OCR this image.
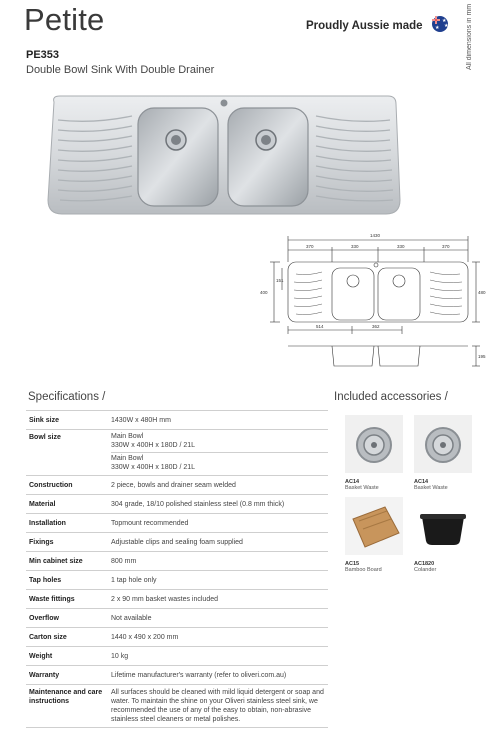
Petite
PE353
Double Bowl Sink With Double Drainer
Proudly Aussie made	★
★
★	All dimensions in mm
1430
370	330	330	370
400
151
480
514	362
195
Specifications /	Included accessories /
Sink size	1430W x 480H mm
Bowl size	Main Bowl
330W x 400H x 180D / 21L
Main Bowl
330W x 400H x 180D / 21L

Construction	2 piece, bowls and drainer seam welded
Material	304 grade, 18/10 polished stainless steel (0.8 mm thick)
Installation	Topmount recommended
Fixings	Adjustable clips and sealing foam supplied
Min cabinet size	800 mm
Tap holes	1 tap hole only
Waste fittings	2 x 90 mm basket wastes included
Overflow	Not available
Carton size	1440 x 490 x 200 mm
Weight	10 kg
Warranty	Lifetime manufacturer's warranty (refer to oliveri.com.au)
Maintenance and care instructions	All surfaces should be cleaned with mild liquid detergent or soap and water. To maintain the shine on your Oliveri stainless steel sink, we recommended the use of any of the easy to obtain, non-abrasive stainless steel cleaners or metal polishes.
AC14
Basket Waste
AC14
Basket Waste
AC15
Bamboo Board
AC1820
Colander
